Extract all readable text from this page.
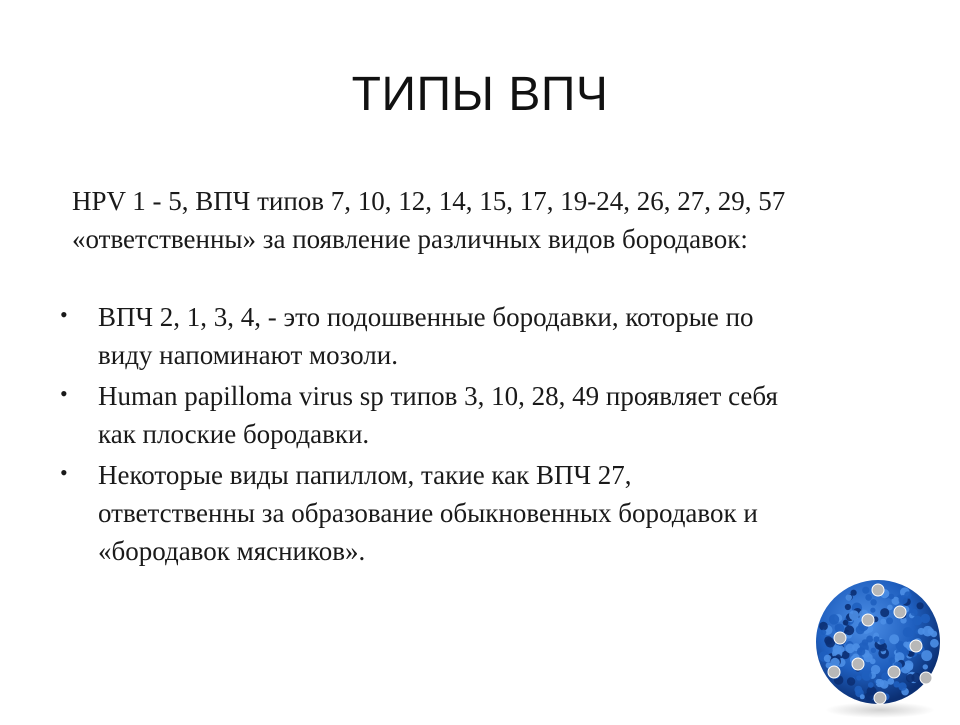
ТИПЫ ВПЧ

HPV 1 - 5, ВПЧ типов 7, 10, 12, 14, 15, 17, 19-24, 26, 27, 29, 57

«ответственны» за появление различных видов бородавок:

•	ВПЧ 2, 1, 3, 4, - это подошвенные бородавки, которые по
виду напоминают мозоли.
•	Human papilloma virus sp типов 3, 10, 28, 49 проявляет себя
как плоские бородавки.
•	Некоторые виды папиллом, такие как ВПЧ 27,
ответственны за образование обыкновенных бородавок и
«бородавок мясников».
